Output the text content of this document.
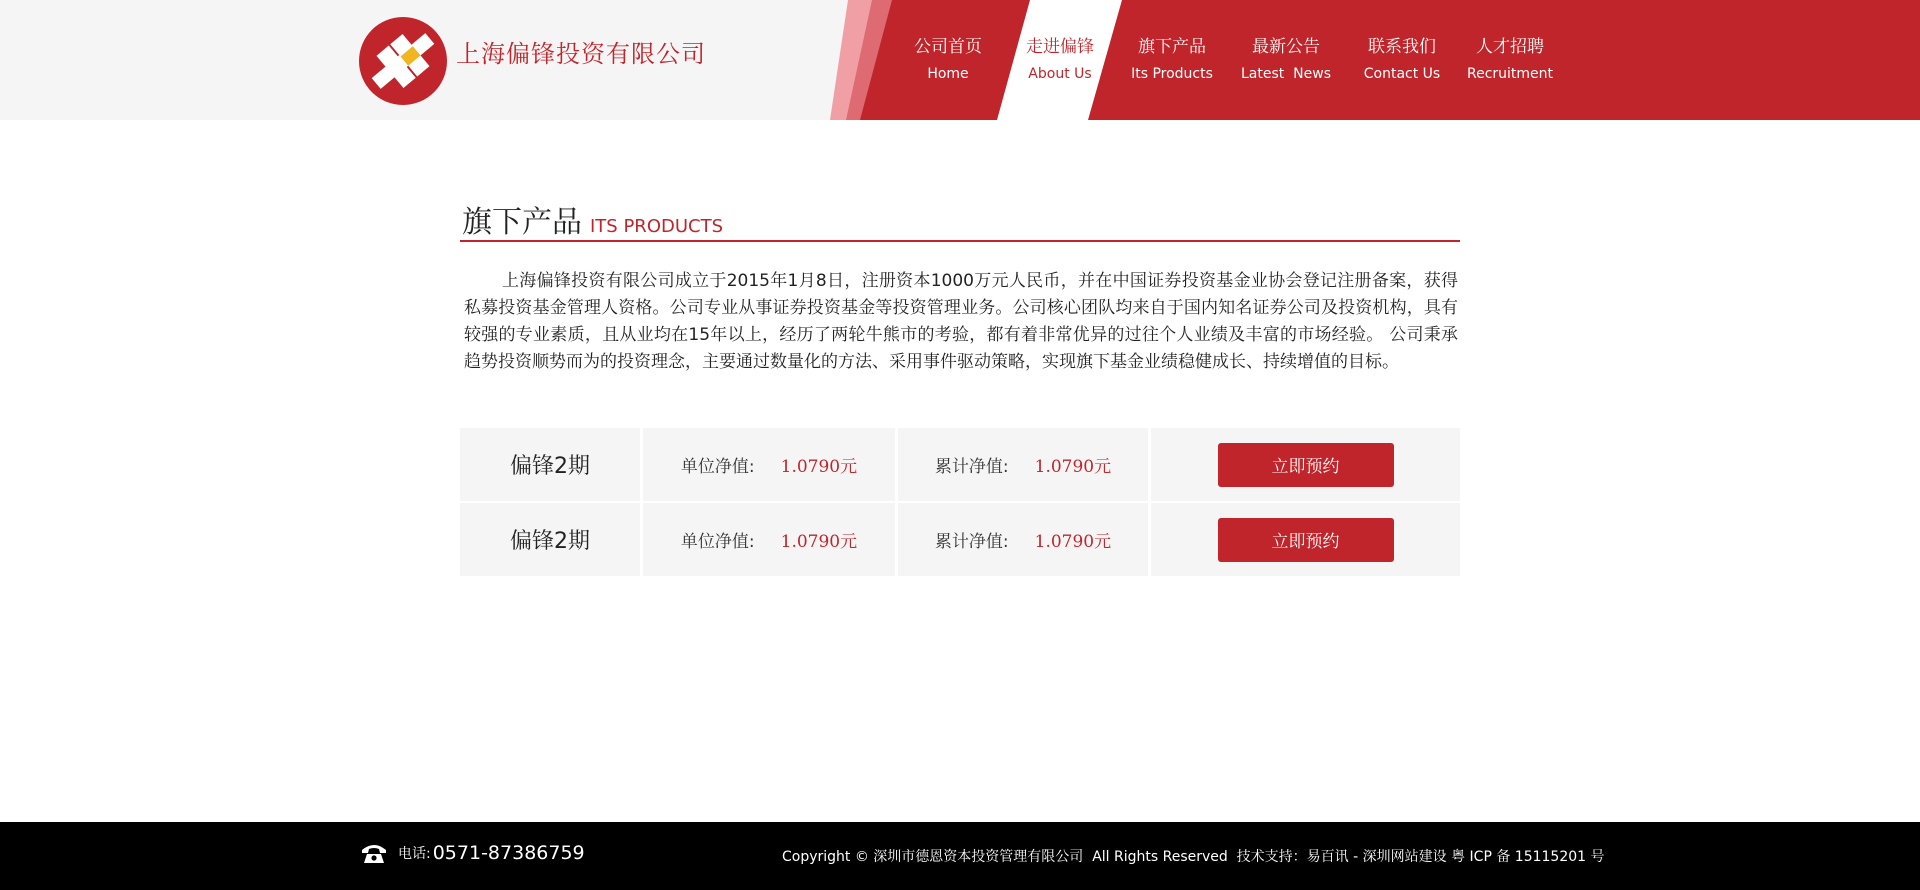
上海偏锋投资有限公司	公司首页
Home
走进偏锋
About Us
旗下产品
Its Products
最新公告
Latest  News
联系我们
Contact Us
人才招聘
Recruitment
旗下产品 ITS PRODUCTS

上海偏锋投资有限公司成立于2015年1月8日，注册资本1000万元人民币，并在中国证券投资基金业协会登记注册备案，获得私募投资基金管理人资格。公司专业从事证券投资基金等投资管理业务。公司核心团队均来自于国内知名证券公司及投资机构，具有较强的专业素质，且从业均在15年以上，经历了两轮牛熊市的考验，都有着非常优异的过往个人业绩及丰富的市场经验。 公司秉承趋势投资顺势而为的投资理念，主要通过数量化的方法、采用事件驱动策略，实现旗下基金业绩稳健成长、持续增值的目标。

偏锋2期	单位净值: 1.0790元	累计净值: 1.0790元	立即预约
偏锋2期	单位净值: 1.0790元	累计净值: 1.0790元	立即预约
电话: 0571-87386759	Copyright © 深圳市德恩资本投资管理有限公司  All Rights Reserved  技术支持：易百讯 - 深圳网站建设 粤 ICP 备 15115201 号
